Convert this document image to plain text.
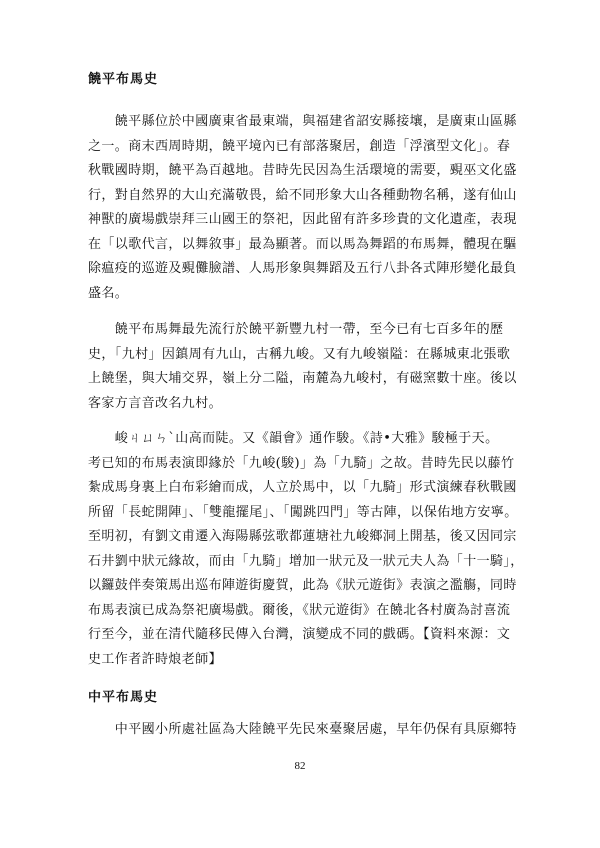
饒平布馬史
　　饒平縣位於中國廣東省最東端，與福建省詔安縣接壤，是廣東山區縣
之一。商末西周時期，饒平境內已有部落聚居，創造「浮濱型文化」。春
秋戰國時期，饒平為百越地。昔時先民因為生活環境的需要，覡巫文化盛
行，對自然界的大山充滿敬畏，給不同形象大山各種動物名稱，遂有仙山
神獸的廣場戲崇拜三山國王的祭祀，因此留有許多珍貴的文化遺產，表現
在「以歌代言，以舞敘事」最為顯著。而以馬為舞蹈的布馬舞，體現在驅
除瘟疫的巡遊及覡儺臉譜、人馬形象與舞蹈及五行八卦各式陣形變化最負
盛名。
　　饒平布馬舞最先流行於饒平新豐九村一帶，至今已有七百多年的歷
史，「九村」因鎮周有九山，古稱九峻。又有九峻嶺隘：在縣城東北張歌
上饒堡，與大埔交界，嶺上分二隘，南麓為九峻村，有磁窯數十座。後以
客家方言音改名九村。
　　峻ㄐㄩㄣˋ山高而陡。又《韻會》通作駿。《詩•大雅》駿極于天。
考已知的布馬表演即緣於「九峻(駿)」為「九騎」之故。昔時先民以藤竹
紮成馬身裏上白布彩繪而成，人立於馬中，以「九騎」形式演練春秋戰國
所留「長蛇開陣」、「雙龍擺尾」、「闖跳四門」等古陣，以保佑地方安寧。
至明初，有劉文甫遷入海陽縣弦歌都蓮塘社九峻鄉洞上開基，後又因同宗
石井劉中狀元緣故，而由「九騎」增加一狀元及一狀元夫人為「十一騎」，
以鑼鼓伴奏策馬出巡布陣遊街慶賀，此為《狀元遊街》表演之濫觴，同時
布馬表演已成為祭祀廣場戲。爾後，《狀元遊街》在饒北各村廣為討喜流
行至今，並在清代隨移民傳入台灣，演變成不同的戲碼。【資料來源：文
史工作者許時烺老師】
中平布馬史
　　中平國小所處社區為大陸饒平先民來臺聚居處，早年仍保有具原鄉特
82
